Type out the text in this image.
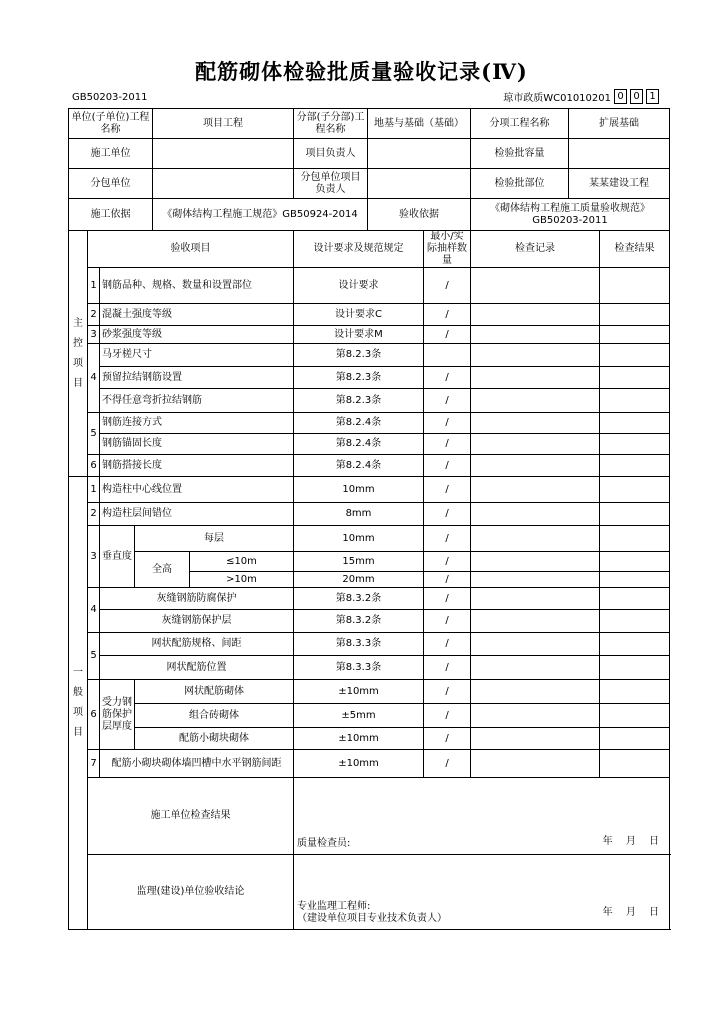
配筋砌体检验批质量验收记录(Ⅳ)
GB50203-2011	琼市政质WC01010201 0 0 1
单位(子单位)工程名称				项目工程		分部(子分部)工程名称	地基与基础（基础）		分项工程名称	扩展基础	
施工单位						项目负责人			检验批容量		
分包单位						分包单位项目负责人			检验批部位	某某建设工程	
施工依据				《砌体结构工程施工规范》GB50924-2014			验收依据		《砌体结构工程施工质量验收规范》GB50203-2011		
主控项目	验收项目					设计要求及规范规定		最小/实际抽样数量	检查记录		检查结果
	1	钢筋品种、规格、数量和设置部位				设计要求		/			
	2	混凝土强度等级				设计要求C		/			
	3	砂浆强度等级				设计要求M		/			
	4	马牙槎尺寸				第8.2.3条					
		预留拉结钢筋设置				第8.2.3条		/			
		不得任意弯折拉结钢筋				第8.2.3条		/			
	5	钢筋连接方式				第8.2.4条		/			
		钢筋锚固长度				第8.2.4条		/			
	6	钢筋搭接长度				第8.2.4条		/			
一般项目	1	构造柱中心线位置				10mm		/			
	2	构造柱层间错位				8mm		/			
	3	垂直度	每层			10mm		/			
			全高		≤10m	15mm		/			
					>10m	20mm		/			
	4	灰缝钢筋防腐保护				第8.3.2条		/			
		灰缝钢筋保护层				第8.3.2条		/			
	5	网状配筋规格、间距				第8.3.3条		/			
		网状配筋位置				第8.3.3条		/			
	6	受力钢筋保护层厚度	网状配筋砌体			±10mm		/			
			组合砖砌体			±5mm		/			
			配筋小砌块砌体			±10mm		/			
	7	配筋小砌块砌体墙凹槽中水平钢筋间距				±10mm		/			
	施工单位检查结果					质量检查员: 年 月 日					

	监理(建设)单位验收结论					专业监理工程师:
（建设单位项目专业技术负责人）
年 月 日					
